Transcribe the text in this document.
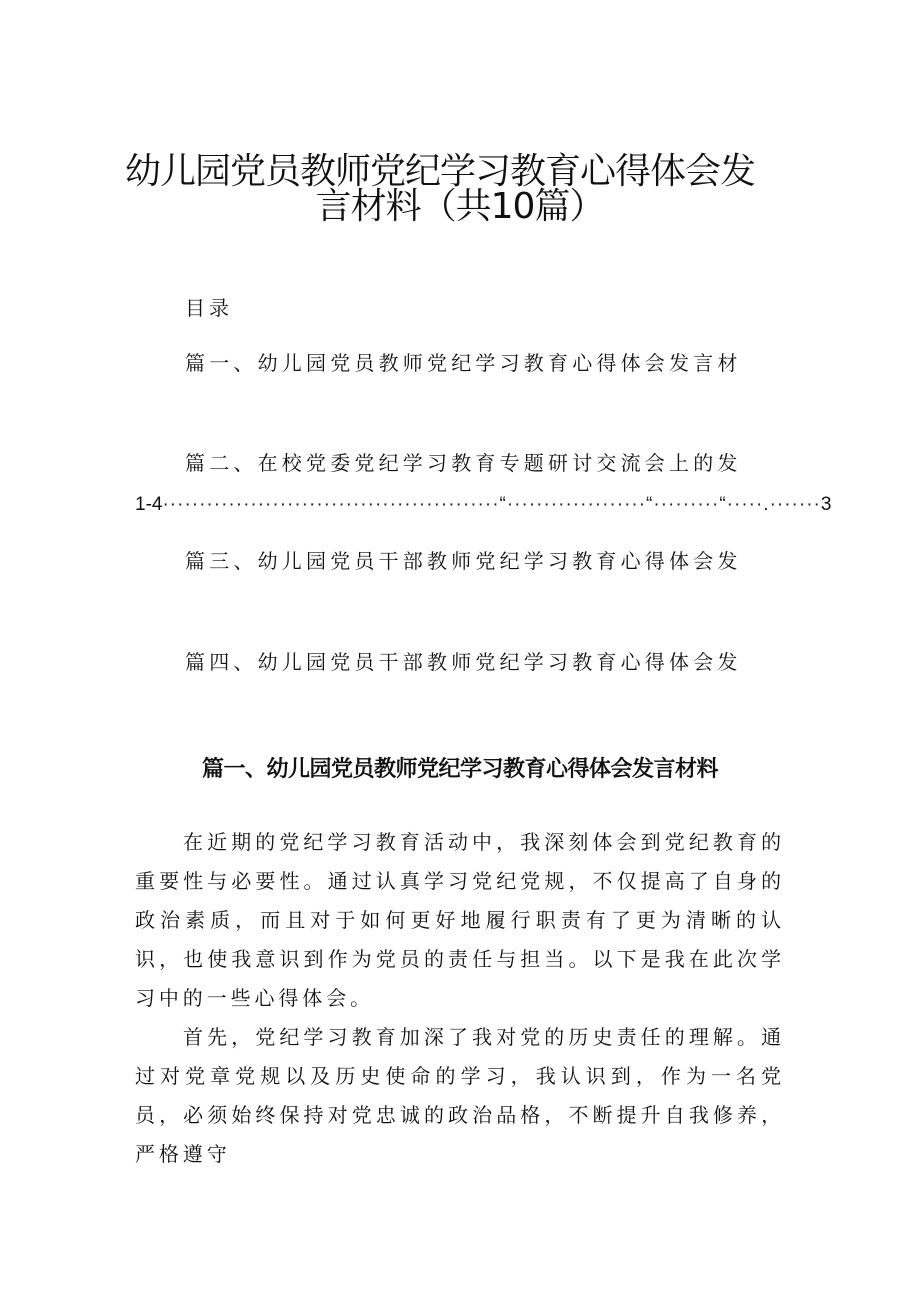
幼儿园党员教师党纪学习教育心得体会发
言材料（共10篇）
目录
篇一、幼儿园党员教师党纪学习教育心得体会发言材
篇二、在校党委党纪学习教育专题研讨交流会上的发
1-4 ··············································“···················“·········“·····.······· 3
篇三、幼儿园党员干部教师党纪学习教育心得体会发
篇四、幼儿园党员干部教师党纪学习教育心得体会发
篇一、幼儿园党员教师党纪学习教育心得体会发言材料

在近期的党纪学习教育活动中，我深刻体会到党纪教育的重要性与必要性。通过认真学习党纪党规，不仅提高了自身的政治素质，而且对于如何更好地履行职责有了更为清晰的认识，也使我意识到作为党员的责任与担当。以下是我在此次学习中的一些心得体会。

首先，党纪学习教育加深了我对党的历史责任的理解。通过对党章党规以及历史使命的学习，我认识到，作为一名党员，必须始终保持对党忠诚的政治品格，不断提升自我修养，严格遵守
